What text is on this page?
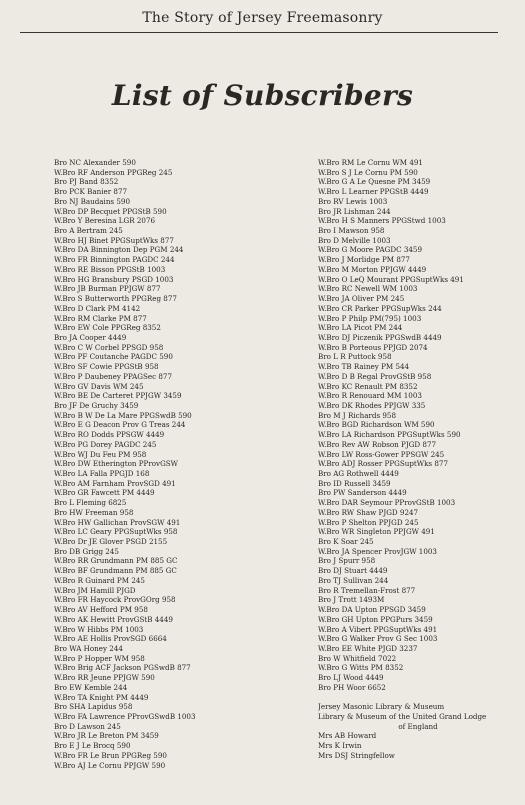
The Story of Jersey Freemasonry
List of Subscribers
Bro NC Alexander 590
W.Bro RF Anderson PPGReg 245
Bro PJ Band 8352
Bro PCK Banier 877
Bro NJ Baudains 590
W.Bro DP Becquet PPGStB 590
W.Bro Y Beresina LGR 2076
Bro A Bertram 245
W.Bro HJ Binet PPGSuptWks 877
W.Bro DA Binnington Dep PGM 244
W.Bro FR Binnington PAGDC 244
W.Bro RE Bisson PPGStB 1003
W.Bro HG Bransbury PSGD 1003
W.Bro JB Burman PPJGW 877
W.Bro S Butterworth PPGReg 877
W.Bro D Clark PM 4142
W.Bro RM Clarke PM 877
W.Bro EW Cole PPGReg 8352
Bro JA Cooper 4449
W.Bro C W Corbel PPSGD 958
W.Bro PF Coutanche PAGDC 590
W.Bro SF Cowie PPGStB 958
W.Bro P Daubeney PPAGSec 877
W.Bro GV Davis WM 245
W.Bro BE De Carteret PPJGW 3459
Bro JF De Gruchy 3459
W.Bro B W De La Mare PPGSwdB 590
W.Bro E G Deacon Prov G Treas 244
W.Bro RO Dodds PPSGW 4449
W.Bro PG Dorey PAGDC 245
W.Bro WJ Du Feu PM 958
W.Bro DW Etherington PProvGSW
W.Bro LA Falla PPGJD 168
W.Bro AM Farnham ProvSGD 491
W.Bro GR Fawcett PM 4449
Bro L Fleming 6825
Bro HW Freeman 958
W.Bro HW Gallichan ProvSGW 491
W.Bro LC Geary PPGSuptWks 958
W.Bro Dr JE Glover PSGD 2155
Bro DB Grigg 245
W.Bro RR Grundmann PM 885 GC
W.Bro BF Grundmann PM 885 GC
W.Bro R Guinard PM 245
W.Bro JM Hamill PJGD
W.Bro FR Haycock ProvGOrg 958
W.Bro AV Hefford PM 958
W.Bro AK Hewitt ProvGStB 4449
W.Bro W Hibbs PM 1003
W.Bro AE Hollis ProvSGD 6664
Bro WA Honey 244
W.Bro P Hopper WM 958
W.Bro Brig ACF Jackson PGSwdB 877
W.Bro RR Jeune PPJGW 590
Bro EW Kemble 244
W.Bro TA Knight PM 4449
Bro SHA Lapidus 958
W.Bro FA Lawrence PProvGSwdB 1003
Bro D Lawson 245
W.Bro JR Le Breton PM 3459
Bro E J Le Brocq 590
W.Bro FR Le Brun PPGReg 590
W.Bro AJ Le Cornu PPJGW 590
W.Bro RM Le Cornu WM 491
W.Bro S J Le Cornu PM 590
W.Bro G A Le Quesne PM 3459
W.Bro L Learner PPGStB 4449
Bro RV Lewis 1003
Bro JR Lishman 244
W.Bro H S Manners PPGStwd 1003
Bro I Mawson 958
Bro D Melville 1003
W.Bro G Moore PAGDC 3459
W.Bro J Morlidge PM 877
W.Bro M Morton PPJGW 4449
W.Bro O LeQ Mourant PPGSuptWks 491
W.Bro RC Newell WM 1003
W.Bro JA Oliver PM 245
W.Bro CR Parker PPGSupWks 244
W.Bro P Philp PM(795) 1003
W.Bro LA Picot PM 244
W.Bro DJ Piczenik PPGSwdB 4449
W.Bro B Porteous PPJGD 2074
Bro L R Puttock 958
W.Bro TB Rainey PM 544
W.Bro D B Regal ProvGStB 958
W.Bro KC Renault PM 8352
W.Bro R Renouard MM 1003
W.Bro DK Rhodes PPJGW 335
Bro M J Richards 958
W.Bro BGD Richardson WM 590
W.Bro LA Richardson PPGSuptWks 590
W.Bro Rev AW Robson PJGD 877
W.Bro LW Ross-Gower PPSGW 245
W.Bro ADJ Rosser PPGSuptWks 877
Bro AG Rothwell 4449
Bro ID Russell 3459
Bro PW Sanderson 4449
W.Bro DAR Seymour PProvGStB 1003
W.Bro RW Shaw PJGD 9247
W.Bro P Shelton PPJGD 245
W.Bro WR Singleton PPJGW 491
Bro K Soar 245
W.Bro JA Spencer ProvJGW 1003
Bro J Spurr 958
Bro DJ Stuart 4449
Bro TJ Sullivan 244
Bro R Tremellan-Frost 877
Bro J Trott 1493M
W.Bro DA Upton PPSGD 3459
W.Bro GH Upton PPGPurs 3459
W.Bro A Vibert PPGSuptWks 491
W.Bro G Walker Prov G Sec 1003
W.Bro EE White PJGD 3237
Bro W Whitfield 7022
W.Bro G Witts PM 8352
Bro LJ Wood 4449
Bro PH Woor 6652
Jersey Masonic Library & Museum
Library & Museum of the United Grand Lodge
of England
Mrs AB Howard
Mrs K Irwin
Mrs DSJ Stringfellow
